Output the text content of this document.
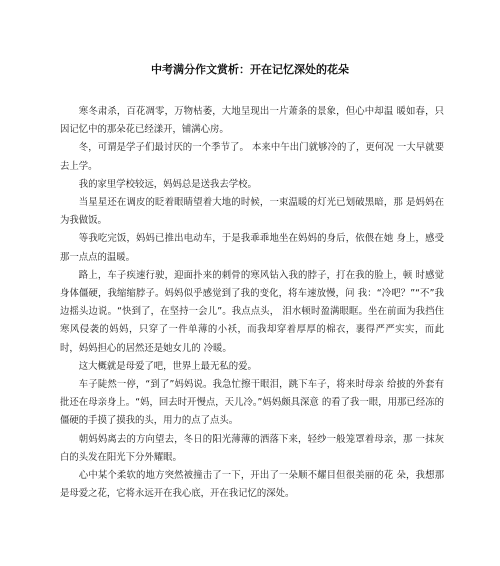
中考满分作文赏析：开在记忆深处的花朵

寒冬肃杀，百花凋零，万物枯萎，大地呈现出一片萧条的景象，但心中却温 暖如春，只因记忆中的那朵花已经漾开，铺满心房。

冬，可谓是学子们最讨厌的一个季节了。 本来中午出门就够冷的了，更何况 一大早就要去上学。

我的家里学校较远，妈妈总是送我去学校。

当星星还在调皮的眨着眼睛望着大地的时候，一束温暖的灯光已划破黑暗，那 是妈妈在为我做饭。

等我吃完饭，妈妈已推出电动车，于是我乖乖地坐在妈妈的身后，依偎在她 身上，感受那一点点的温暖。

路上，车子疾速行驶，迎面扑来的刺骨的寒风钻入我的脖子，打在我的脸上，顿 时感觉身体僵硬，我缩缩脖子。妈妈似乎感觉到了我的变化，将车速放慢，问 我：“冷吧？”“不”我边摇头边说。“快到了，在坚持一会儿”。我点点头， 泪水顿时盈满眼眶。坐在前面为我挡住寒风侵袭的妈妈，只穿了一件单薄的小袄，而我却穿着厚厚的棉衣，裹得严严实实，而此时，妈妈担心的居然还是她女儿的 冷暖。

这大概就是母爱了吧，世界上最无私的爱。

车子陡然一停，“到了”妈妈说。我急忙擦干眼泪，跳下车子，将来时母亲 给披的外套有批还在母亲身上。“妈，回去时开慢点，天儿冷。”妈妈颇具深意 的看了我一眼，用那已经冻的僵硬的手摸了摸我的头，用力的点了点头。

朝妈妈离去的方向望去，冬日的阳光薄薄的洒落下来，轻纱一般笼罩着母亲，那 一抹灰白的头发在阳光下分外耀眼。

心中某个柔软的地方突然被撞击了一下，开出了一朵顺不耀目但很美丽的花 朵，我想那是母爱之花，它将永远开在我心底，开在我记忆的深处。
